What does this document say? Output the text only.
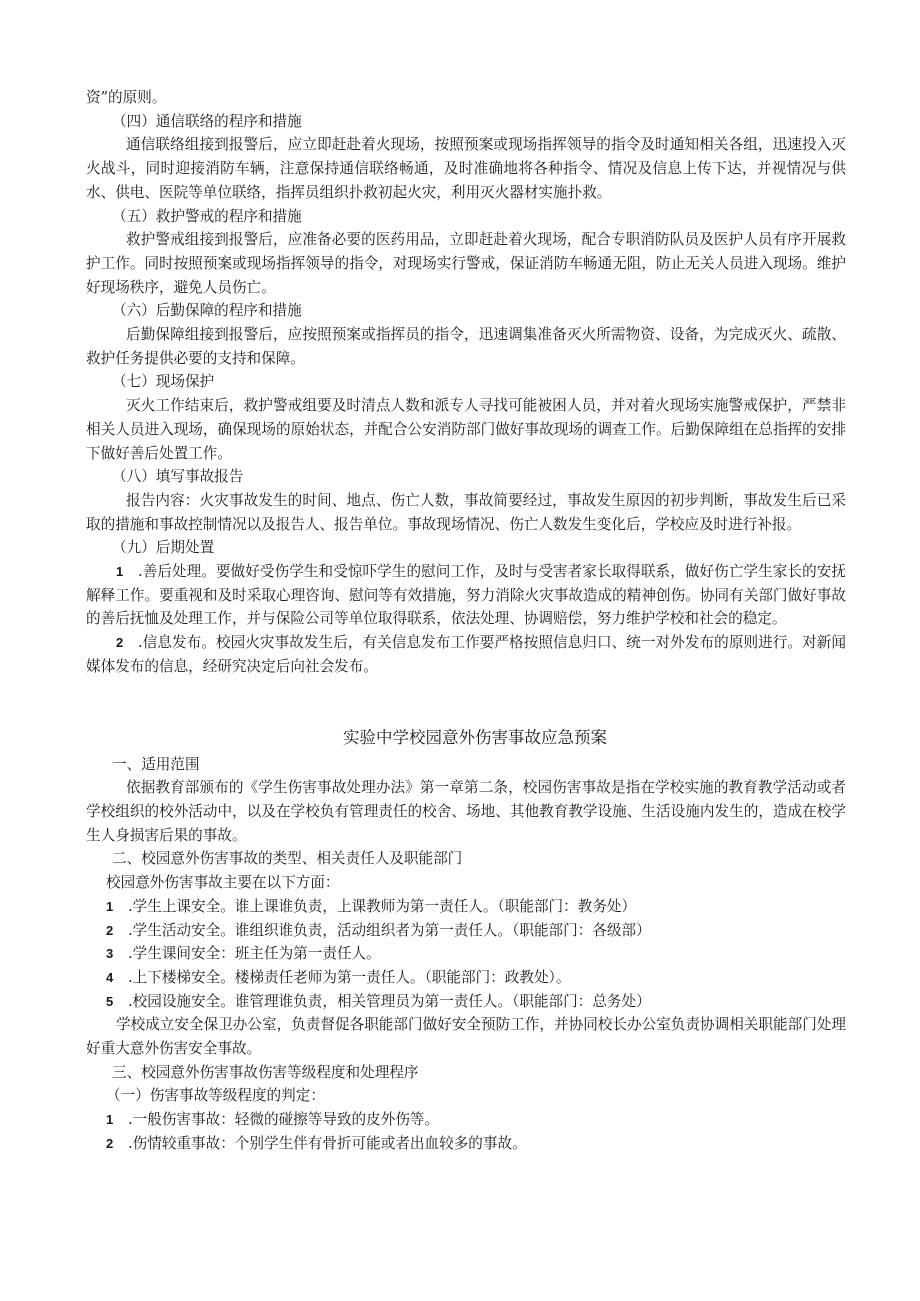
资”的原则。

（四）通信联络的程序和措施

通信联络组接到报警后，应立即赶赴着火现场，按照预案或现场指挥领导的指令及时通知相关各组，迅速投入灭火战斗，同时迎接消防车辆，注意保持通信联络畅通，及时准确地将各种指令、情况及信息上传下达，并视情况与供水、供电、医院等单位联络，指挥员组织扑救初起火灾，利用灭火器材实施扑救。

（五）救护警戒的程序和措施

救护警戒组接到报警后，应准备必要的医药用品，立即赶赴着火现场，配合专职消防队员及医护人员有序开展救护工作。同时按照预案或现场指挥领导的指令，对现场实行警戒，保证消防车畅通无阻，防止无关人员进入现场。维护好现场秩序，避免人员伤亡。

（六）后勤保障的程序和措施

后勤保障组接到报警后，应按照预案或指挥员的指令，迅速调集准备灭火所需物资、设备，为完成灭火、疏散、救护任务提供必要的支持和保障。

（七）现场保护

灭火工作结束后，救护警戒组要及时清点人数和派专人寻找可能被困人员，并对着火现场实施警戒保护，严禁非相关人员进入现场，确保现场的原始状态，并配合公安消防部门做好事故现场的调查工作。后勤保障组在总指挥的安排下做好善后处置工作。

（八）填写事故报告

报告内容：火灾事故发生的时间、地点、伤亡人数，事故简要经过，事故发生原因的初步判断，事故发生后已采取的措施和事故控制情况以及报告人、报告单位。事故现场情况、伤亡人数发生变化后，学校应及时进行补报。

（九）后期处置

1 .善后处理。要做好受伤学生和受惊吓学生的慰问工作，及时与受害者家长取得联系，做好伤亡学生家长的安抚解释工作。要重视和及时采取心理咨询、慰问等有效措施，努力消除火灾事故造成的精神创伤。协同有关部门做好事故的善后抚恤及处理工作，并与保险公司等单位取得联系，依法处理、协调赔偿，努力维护学校和社会的稳定。

2 .信息发布。校园火灾事故发生后，有关信息发布工作要严格按照信息归口、统一对外发布的原则进行。对新闻媒体发布的信息，经研究决定后向社会发布。

实验中学校园意外伤害事故应急预案

一、适用范围

依据教育部颁布的《学生伤害事故处理办法》第一章第二条，校园伤害事故是指在学校实施的教育教学活动或者学校组织的校外活动中，以及在学校负有管理责任的校舍、场地、其他教育教学设施、生活设施内发生的，造成在校学生人身损害后果的事故。

二、校园意外伤害事故的类型、相关责任人及职能部门

校园意外伤害事故主要在以下方面：

1 .学生上课安全。谁上课谁负责，上课教师为第一责任人。（职能部门：教务处）

2 .学生活动安全。谁组织谁负责，活动组织者为第一责任人。（职能部门：各级部）

3 .学生课间安全：班主任为第一责任人。

4 .上下楼梯安全。楼梯责任老师为第一责任人。（职能部门：政教处）。

5 .校园设施安全。谁管理谁负责，相关管理员为第一责任人。（职能部门：总务处）

学校成立安全保卫办公室，负责督促各职能部门做好安全预防工作，并协同校长办公室负责协调相关职能部门处理好重大意外伤害安全事故。

三、校园意外伤害事故伤害等级程度和处理程序

（一）伤害事故等级程度的判定：

1 .一般伤害事故：轻微的碰擦等导致的皮外伤等。

2 .伤情较重事故：个别学生伴有骨折可能或者出血较多的事故。
